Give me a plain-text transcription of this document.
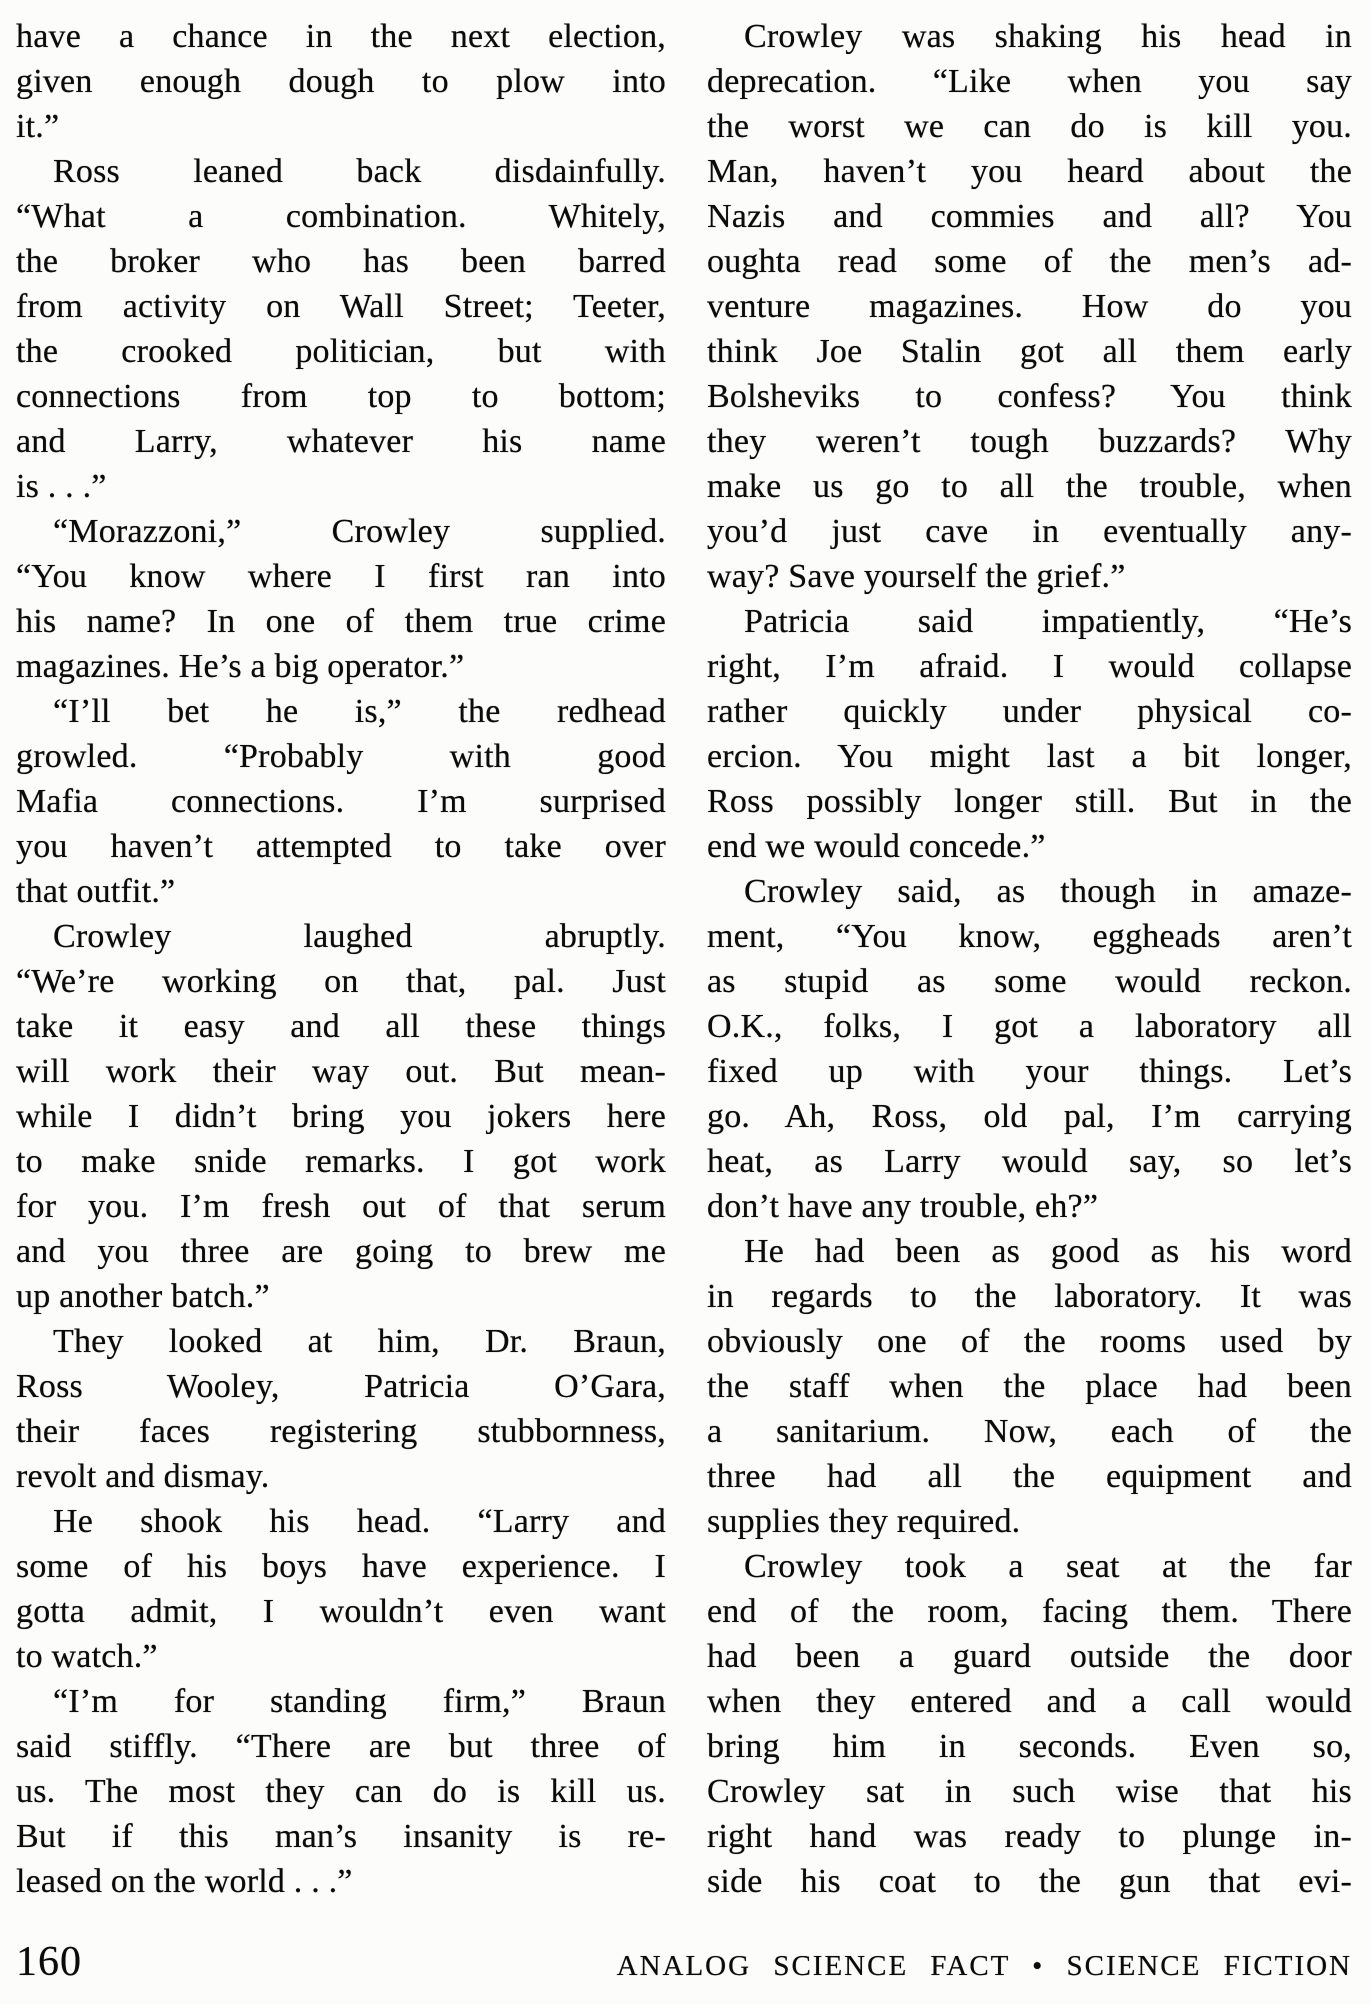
have a chance in the next election,
given enough dough to plow into
it.”
Ross leaned back disdainfully.
“What a combination. Whitely,
the broker who has been barred
from activity on Wall Street; Teeter,
the crooked politician, but with
connections from top to bottom;
and Larry, whatever his name
is . . .”
“Morazzoni,” Crowley supplied.
“You know where I first ran into
his name? In one of them true crime
magazines. He’s a big operator.”
“I’ll bet he is,” the redhead
growled. “Probably with good
Mafia connections. I’m surprised
you haven’t attempted to take over
that outfit.”
Crowley laughed abruptly.
“We’re working on that, pal. Just
take it easy and all these things
will work their way out. But mean-
while I didn’t bring you jokers here
to make snide remarks. I got work
for you. I’m fresh out of that serum
and you three are going to brew me
up another batch.”
They looked at him, Dr. Braun,
Ross Wooley, Patricia O’Gara,
their faces registering stubbornness,
revolt and dismay.
He shook his head. “Larry and
some of his boys have experience. I
gotta admit, I wouldn’t even want
to watch.”
“I’m for standing firm,” Braun
said stiffly. “There are but three of
us. The most they can do is kill us.
But if this man’s insanity is re-
leased on the world . . .”
Crowley was shaking his head in
deprecation. “Like when you say
the worst we can do is kill you.
Man, haven’t you heard about the
Nazis and commies and all? You
oughta read some of the men’s ad-
venture magazines. How do you
think Joe Stalin got all them early
Bolsheviks to confess? You think
they weren’t tough buzzards? Why
make us go to all the trouble, when
you’d just cave in eventually any-
way? Save yourself the grief.”
Patricia said impatiently, “He’s
right, I’m afraid. I would collapse
rather quickly under physical co-
ercion. You might last a bit longer,
Ross possibly longer still. But in the
end we would concede.”
Crowley said, as though in amaze-
ment, “You know, eggheads aren’t
as stupid as some would reckon.
O.K., folks, I got a laboratory all
fixed up with your things. Let’s
go. Ah, Ross, old pal, I’m carrying
heat, as Larry would say, so let’s
don’t have any trouble, eh?”
He had been as good as his word
in regards to the laboratory. It was
obviously one of the rooms used by
the staff when the place had been
a sanitarium. Now, each of the
three had all the equipment and
supplies they required.
Crowley took a seat at the far
end of the room, facing them. There
had been a guard outside the door
when they entered and a call would
bring him in seconds. Even so,
Crowley sat in such wise that his
right hand was ready to plunge in-
side his coat to the gun that evi-
160	ANALOG SCIENCE FACT • SCIENCE FICTION
